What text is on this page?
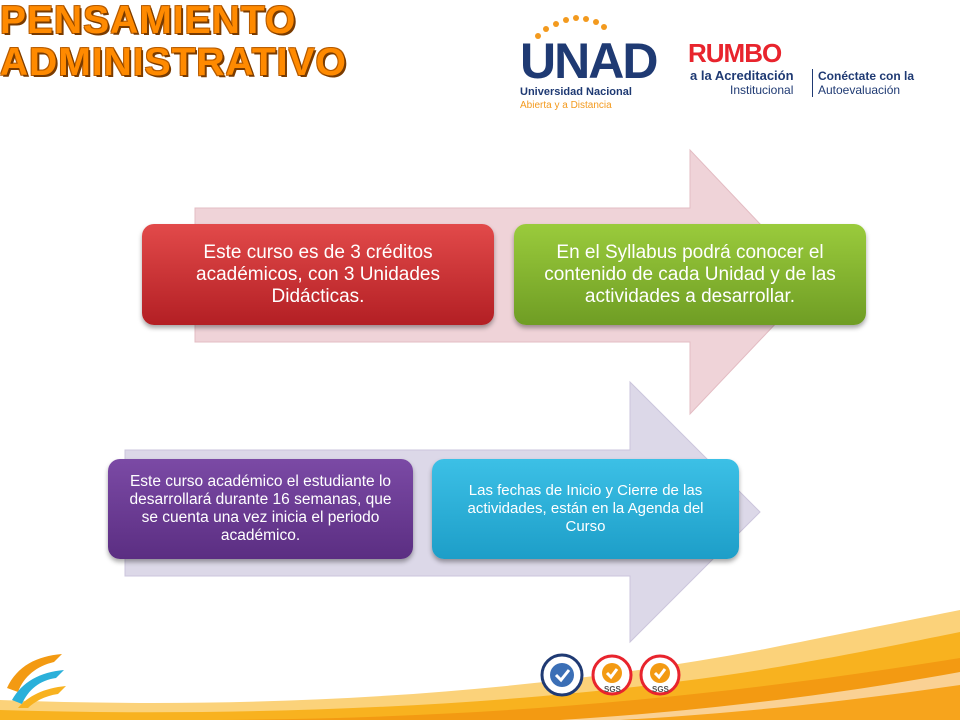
PENSAMIENTO
ADMINISTRATIVO	UNAD
Universidad Nacional
Abierta y a Distancia
RUMBO
a la Acreditación
Institucional
Conéctate con la
Autoevaluación
Este curso es de 3 créditos académicos, con 3 Unidades Didácticas.
En el Syllabus podrá conocer el contenido de cada Unidad y de las actividades a desarrollar.
Este curso académico el estudiante lo desarrollará durante 16 semanas, que se cuenta una vez inicia el periodo académico.
Las fechas de Inicio y Cierre de las actividades, están en la Agenda del Curso
SGS	SGS
